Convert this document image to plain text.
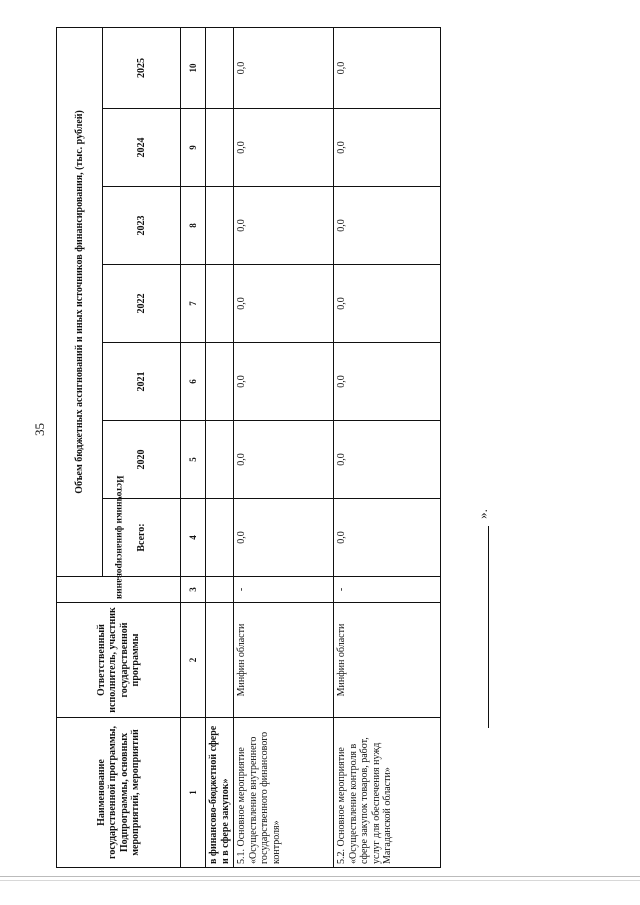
35
Наименование государственной программы, Подпрограммы, основных мероприятий, мероприятий	Ответственный исполнитель, участник государственной программы	Источники финансирования	Объем бюджетных ассигнований и иных источников финансирования, (тыс. рублей)						
			Всего:	2020	2021	2022	2023	2024	2025
1	2	3	4	5	6	7	8	9	10
в финансово-бюджетной сфере и в сфере закупок»									
5.1. Основное мероприятие «Осуществление внутреннего государственного финансового контроля»	Минфин области	-	0,0	0,0	0,0	0,0	0,0	0,0	0,0
5.2. Основное мероприятие «Осуществление контроля в сфере закупок товаров, работ, услуг для обеспечения нужд Магаданской области»	Минфин области	-	0,0	0,0	0,0	0,0	0,0	0,0	0,0
».
